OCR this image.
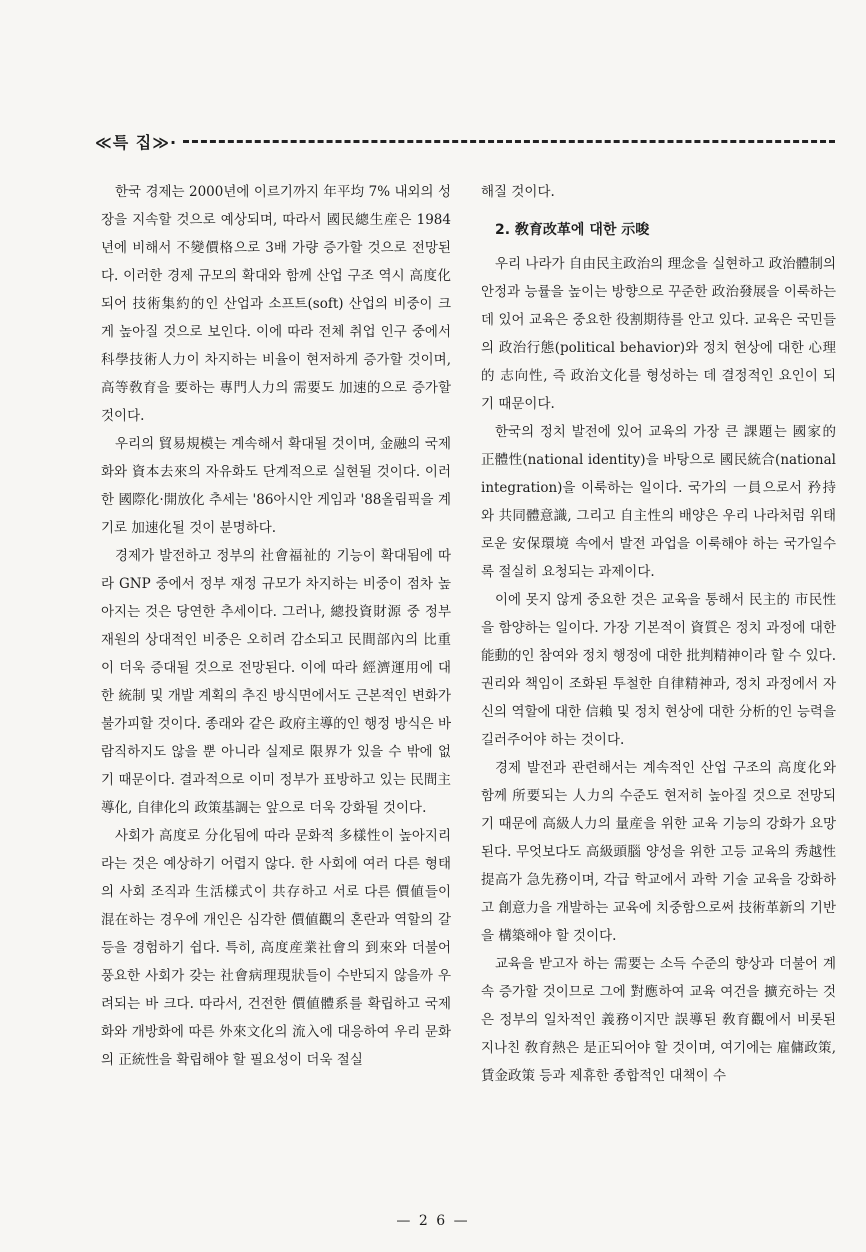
≪특 집≫·

한국 경제는 2000년에 이르기까지 年平均 7% 내외의 성장을 지속할 것으로 예상되며, 따라서 國民總生産은 1984년에 비해서 不變價格으로 3배 가량 증가할 것으로 전망된다. 이러한 경제 규모의 확대와 함께 산업 구조 역시 高度化되어 技術集約的인 산업과 소프트(soft) 산업의 비중이 크게 높아질 것으로 보인다. 이에 따라 전체 취업 인구 중에서 科學技術人力이 차지하는 비율이 현저하게 증가할 것이며, 高等敎育을 要하는 專門人力의 需要도 加速的으로 증가할 것이다.

우리의 貿易規模는 계속해서 확대될 것이며, 金融의 국제화와 資本去來의 자유화도 단계적으로 실현될 것이다. 이러한 國際化·開放化 추세는 '86아시안 게임과 '88올림픽을 계기로 加速化될 것이 분명하다.

경제가 발전하고 정부의 社會福祉的 기능이 확대됨에 따라 GNP 중에서 정부 재정 규모가 차지하는 비중이 점차 높아지는 것은 당연한 추세이다. 그러나, 總投資財源 중 정부 재원의 상대적인 비중은 오히려 감소되고 民間部內의 比重이 더욱 증대될 것으로 전망된다. 이에 따라 經濟運用에 대한 統制 및 개발 계획의 추진 방식면에서도 근본적인 변화가 불가피할 것이다. 종래와 같은 政府主導的인 행정 방식은 바람직하지도 않을 뿐 아니라 실제로 限界가 있을 수 밖에 없기 때문이다. 결과적으로 이미 정부가 표방하고 있는 民間主導化, 自律化의 政策基調는 앞으로 더욱 강화될 것이다.

사회가 高度로 分化됨에 따라 문화적 多樣性이 높아지리라는 것은 예상하기 어렵지 않다. 한 사회에 여러 다른 형태의 사회 조직과 生活樣式이 共存하고 서로 다른 價値들이 混在하는 경우에 개인은 심각한 價値觀의 혼란과 역할의 갈등을 경험하기 쉽다. 특히, 高度産業社會의 到來와 더불어 풍요한 사회가 갖는 社會病理現狀들이 수반되지 않을까 우려되는 바 크다. 따라서, 건전한 價値體系를 확립하고 국제화와 개방화에 따른 外來文化의 流入에 대응하여 우리 문화의 正統性을 확립해야 할 필요성이 더욱 절실

해질 것이다.

2. 敎育改革에 대한 示唆

우리 나라가 自由民主政治의 理念을 실현하고 政治體制의 안정과 능률을 높이는 방향으로 꾸준한 政治發展을 이룩하는 데 있어 교육은 중요한 役割期待를 안고 있다. 교육은 국민들의 政治行態(political behavior)와 정치 현상에 대한 心理的 志向性, 즉 政治文化를 형성하는 데 결정적인 요인이 되기 때문이다.

한국의 정치 발전에 있어 교육의 가장 큰 課題는 國家的 正體性(national identity)을 바탕으로 國民統合(national integration)을 이룩하는 일이다. 국가의 一員으로서 矜持와 共同體意識, 그리고 自主性의 배양은 우리 나라처럼 위태로운 安保環境 속에서 발전 과업을 이룩해야 하는 국가일수록 절실히 요청되는 과제이다.

이에 못지 않게 중요한 것은 교육을 통해서 民主的 市民性을 함양하는 일이다. 가장 기본적이 資質은 정치 과정에 대한 能動的인 참여와 정치 행정에 대한 批判精神이라 할 수 있다. 권리와 책임이 조화된 투철한 自律精神과, 정치 과정에서 자신의 역할에 대한 信賴 및 정치 현상에 대한 分析的인 능력을 길러주어야 하는 것이다.

경제 발전과 관련해서는 계속적인 산업 구조의 高度化와 함께 所要되는 人力의 수준도 현저히 높아질 것으로 전망되기 때문에 高級人力의 量産을 위한 교육 기능의 강화가 요망된다. 무엇보다도 高級頭腦 양성을 위한 고등 교육의 秀越性 提高가 急先務이며, 각급 학교에서 과학 기술 교육을 강화하고 創意力을 개발하는 교육에 치중함으로써 技術革新의 기반을 構築해야 할 것이다.

교육을 받고자 하는 需要는 소득 수준의 향상과 더불어 계속 증가할 것이므로 그에 對應하여 교육 여건을 擴充하는 것은 정부의 일차적인 義務이지만 誤導된 敎育觀에서 비롯된 지나친 敎育熱은 是正되어야 할 것이며, 여기에는 雇傭政策, 賃金政策 등과 제휴한 종합적인 대책이 수

— 2 6 —
